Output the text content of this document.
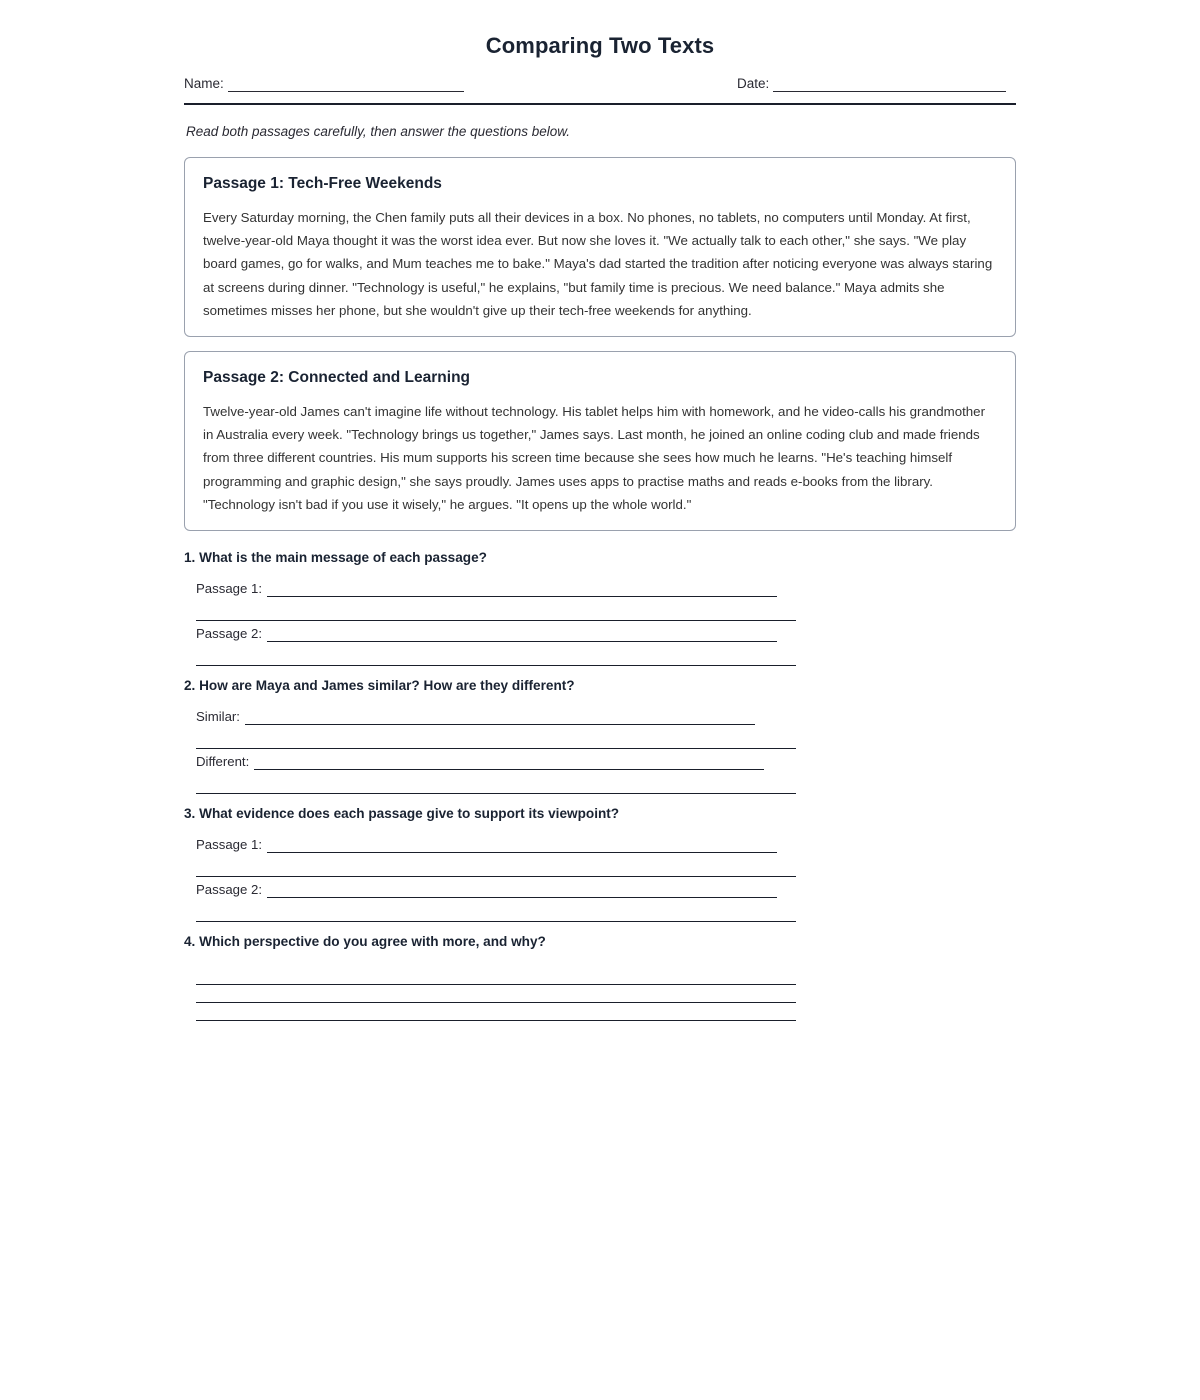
Comparing Two Texts
Name:	Date:
Read both passages carefully, then answer the questions below.
Passage 1: Tech-Free Weekends
Every Saturday morning, the Chen family puts all their devices in a box. No phones, no tablets, no computers until Monday. At first, twelve-year-old Maya thought it was the worst idea ever. But now she loves it. "We actually talk to each other," she says. "We play board games, go for walks, and Mum teaches me to bake." Maya's dad started the tradition after noticing everyone was always staring at screens during dinner. "Technology is useful," he explains, "but family time is precious. We need balance." Maya admits she sometimes misses her phone, but she wouldn't give up their tech-free weekends for anything.
Passage 2: Connected and Learning
Twelve-year-old James can't imagine life without technology. His tablet helps him with homework, and he video-calls his grandmother in Australia every week. "Technology brings us together," James says. Last month, he joined an online coding club and made friends from three different countries. His mum supports his screen time because she sees how much he learns. "He's teaching himself programming and graphic design," she says proudly. James uses apps to practise maths and reads e-books from the library. "Technology isn't bad if you use it wisely," he argues. "It opens up the whole world."
1. What is the main message of each passage?
Passage 1:
Passage 2:
2. How are Maya and James similar? How are they different?
Similar:
Different:
3. What evidence does each passage give to support its viewpoint?
Passage 1:
Passage 2:
4. Which perspective do you agree with more, and why?
